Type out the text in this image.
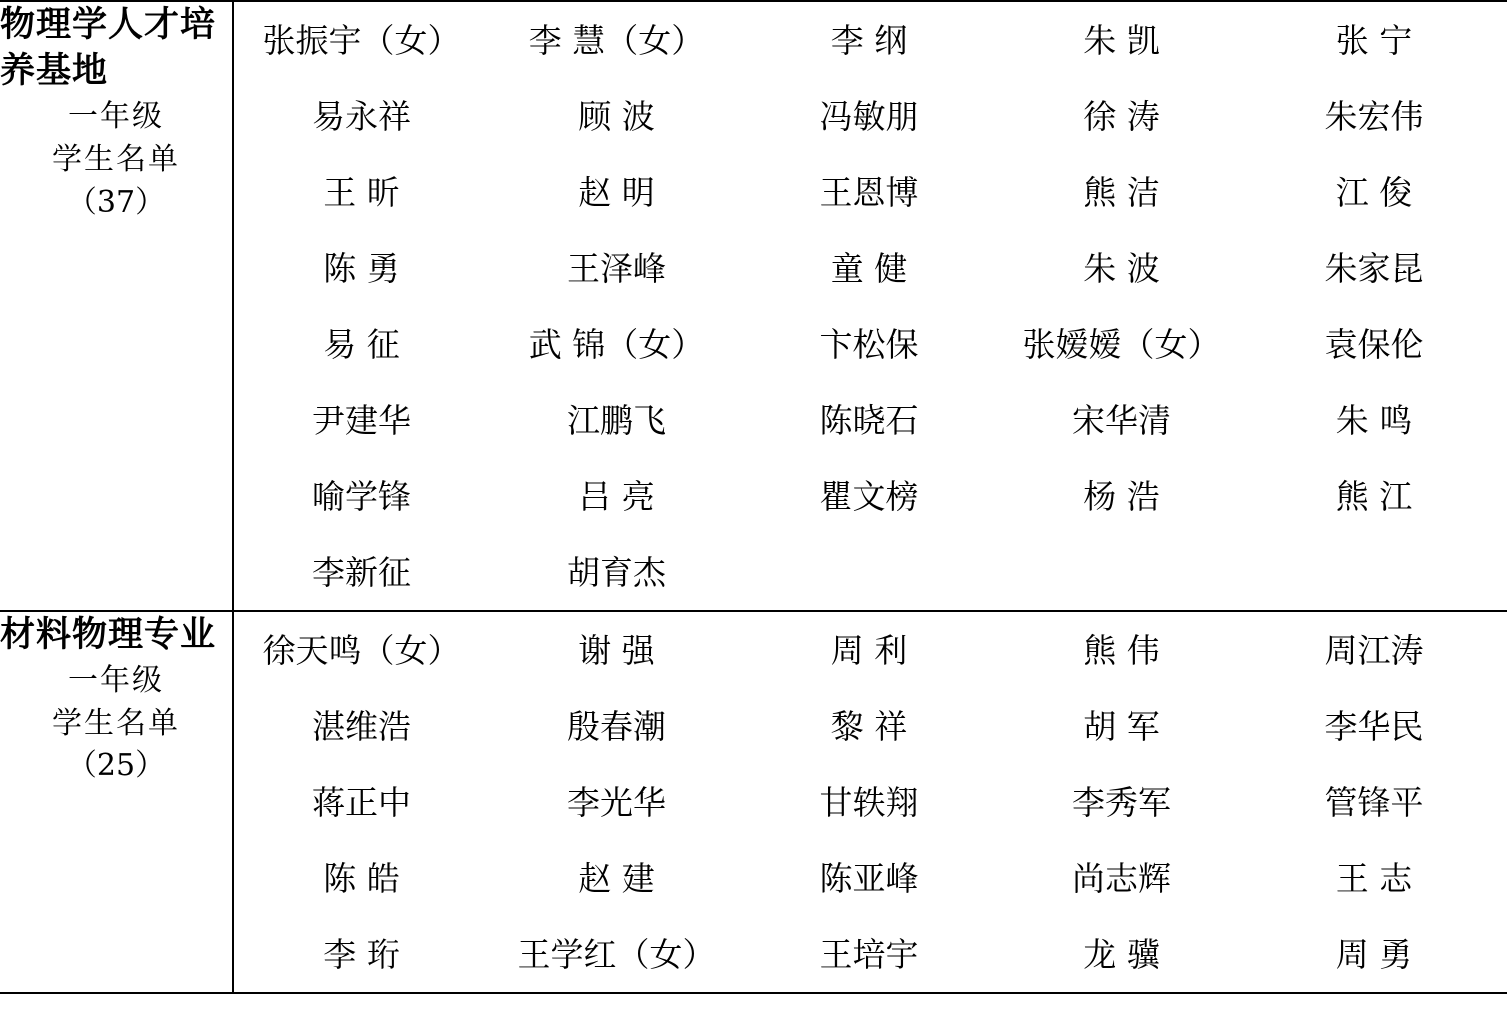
物理学人才培养基地
一年级
学生名单
（37）

张振宇（女）	李 慧（女）	李 纲	朱 凯	张 宁
易永祥	顾 波	冯敏朋	徐 涛	朱宏伟
王 昕	赵 明	王恩博	熊 洁	江 俊
陈 勇	王泽峰	童 健	朱 波	朱家昆
易 征	武 锦（女）	卞松保	张嫒嫒（女）	袁保伦
尹建华	江鹏飞	陈晓石	宋华清	朱 鸣
喻学锋	吕 亮	瞿文榜	杨 浩	熊 江
李新征	胡育杰

材料物理专业
一年级
学生名单
（25）

徐天鸣（女）	谢 强	周 利	熊 伟	周江涛
湛维浩	殷春潮	黎 祥	胡 军	李华民
蒋正中	李光华	甘轶翔	李秀军	管锋平
陈 皓	赵 建	陈亚峰	尚志辉	王 志
李 珩	王学红（女）	王培宇	龙 骥	周 勇
